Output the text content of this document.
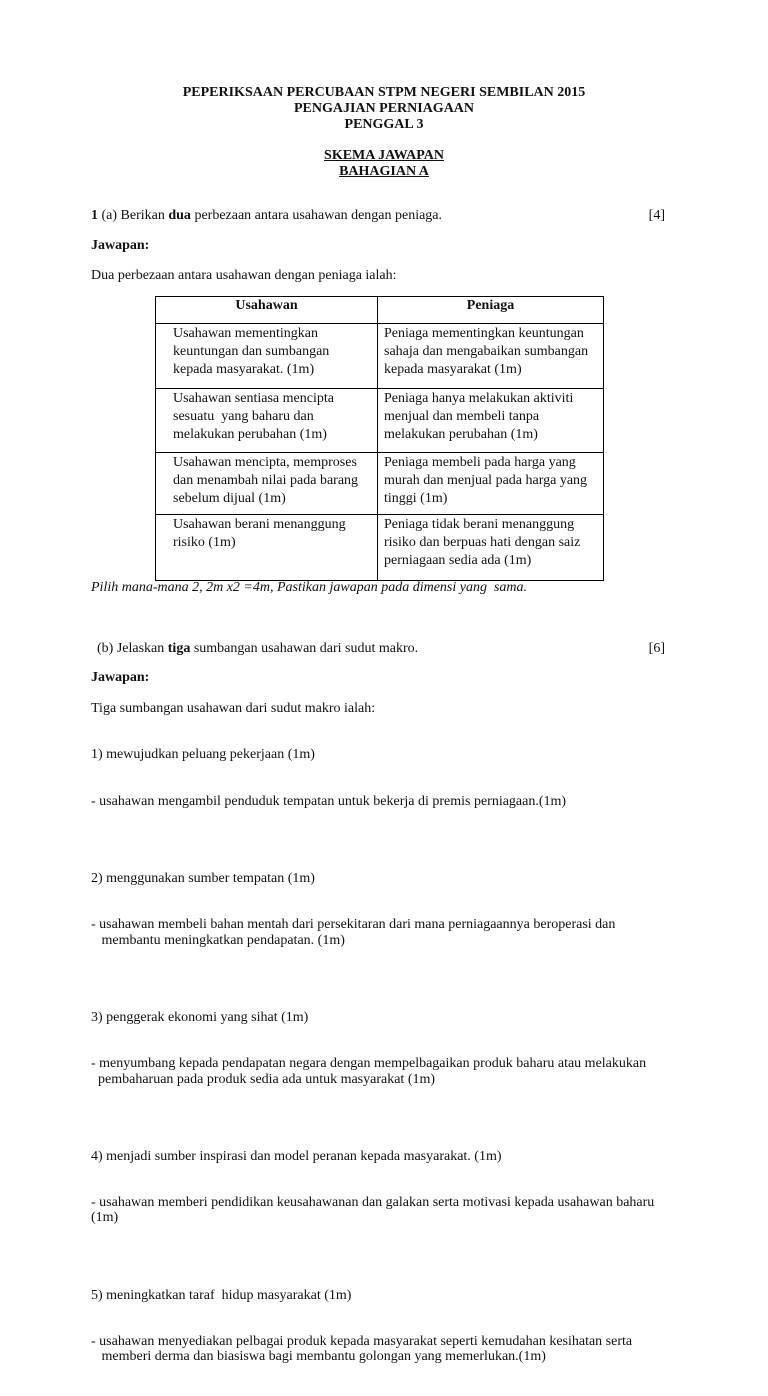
PEPERIKSAAN PERCUBAAN STPM NEGERI SEMBILAN 2015
PENGAJIAN PERNIAGAAN
PENGGAL 3
SKEMA JAWAPAN
BAHAGIAN A
1 (a) Berikan dua perbezaan antara usahawan dengan peniaga.	[4]
Jawapan:
Dua perbezaan antara usahawan dengan peniaga ialah:
Usahawan	Peniaga
Usahawan mementingkan
keuntungan dan sumbangan
kepada masyarakat. (1m)	Peniaga mementingkan keuntungan
sahaja dan mengabaikan sumbangan
kepada masyarakat (1m)
Usahawan sentiasa mencipta
sesuatu  yang baharu dan
melakukan perubahan (1m)	Peniaga hanya melakukan aktiviti
menjual dan membeli tanpa
melakukan perubahan (1m)
Usahawan mencipta, memproses
dan menambah nilai pada barang
sebelum dijual (1m)	Peniaga membeli pada harga yang
murah dan menjual pada harga yang
tinggi (1m)
Usahawan berani menanggung
risiko (1m)	Peniaga tidak berani menanggung
risiko dan berpuas hati dengan saiz
perniagaan sedia ada (1m)
Pilih mana-mana 2, 2m x2 =4m, Pastikan jawapan pada dimensi yang  sama.
(b) Jelaskan tiga sumbangan usahawan dari sudut makro.	[6]
Jawapan:
Tiga sumbangan usahawan dari sudut makro ialah:

1) mewujudkan peluang pekerjaan (1m)

- usahawan mengambil penduduk tempatan untuk bekerja di premis perniagaan.(1m)

2) menggunakan sumber tempatan (1m)

- usahawan membeli bahan mentah dari persekitaran dari mana perniagaannya beroperasi dan
membantu meningkatkan pendapatan. (1m)

3) penggerak ekonomi yang sihat (1m)

- menyumbang kepada pendapatan negara dengan mempelbagaikan produk baharu atau melakukan
pembaharuan pada produk sedia ada untuk masyarakat (1m)

4) menjadi sumber inspirasi dan model peranan kepada masyarakat. (1m)

- usahawan memberi pendidikan keusahawanan dan galakan serta motivasi kepada usahawan baharu
(1m)

5) meningkatkan taraf  hidup masyarakat (1m)

- usahawan menyediakan pelbagai produk kepada masyarakat seperti kemudahan kesihatan serta
memberi derma dan biasiswa bagi membantu golongan yang memerlukan.(1m)
